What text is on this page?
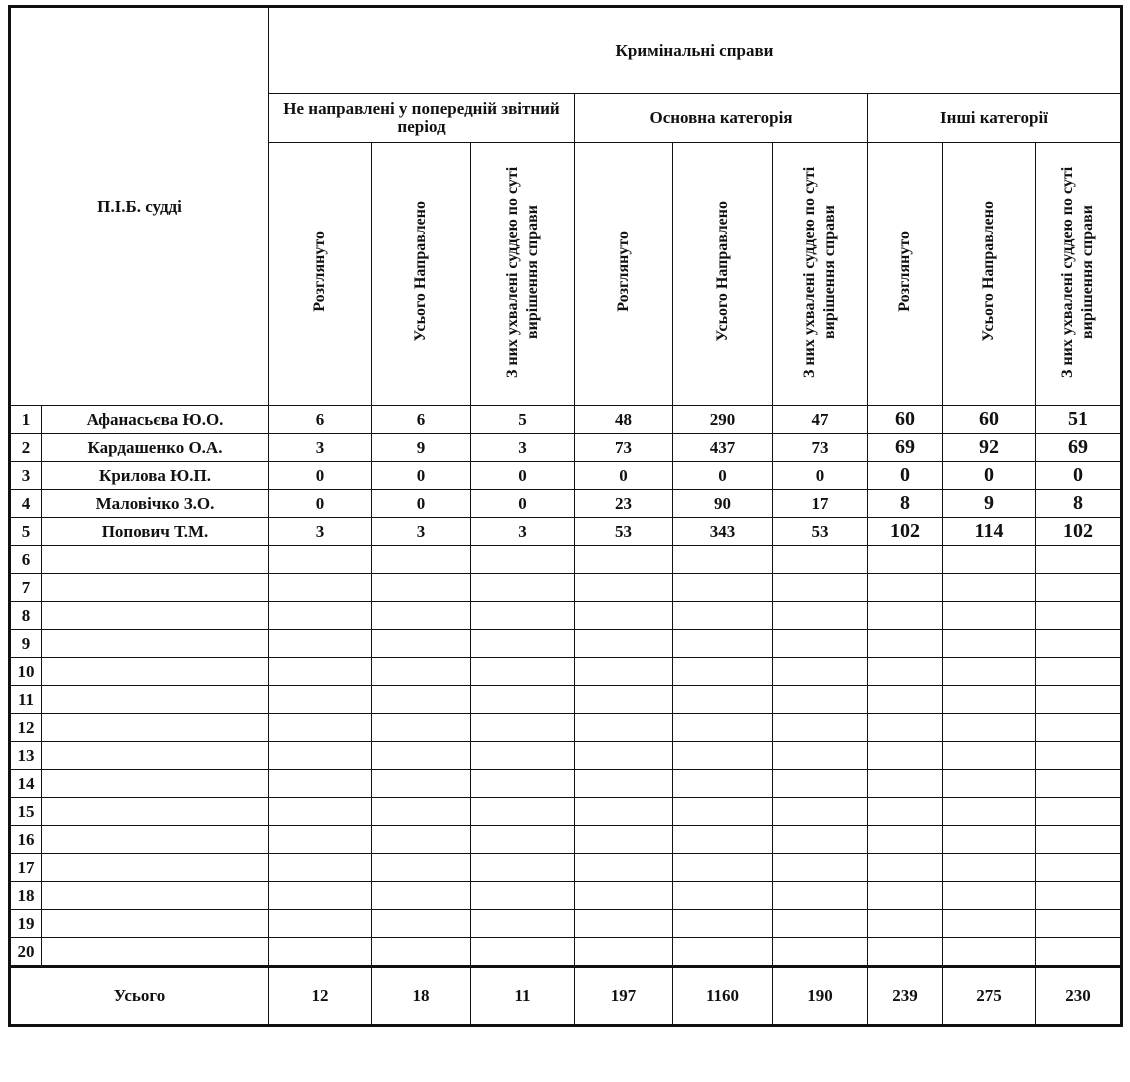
П.І.Б. судді		Кримінальні справи								
		Не направлені у попередній звітний період			Основна категорія			Інші категорії		
		Розглянуто	Усього Направлено	З них ухвалені суддею по суті вирішення справи	Розглянуто	Усього Направлено	З них ухвалені суддею по суті вирішення справи	Розглянуто	Усього Направлено	З них ухвалені суддею по суті вирішення справи
1	Афанасьєва Ю.О.	6	6	5	48	290	47	60	60	51
2	Кардашенко О.А.	3	9	3	73	437	73	69	92	69
3	Крилова Ю.П.	0	0	0	0	0	0	0	0	0
4	Маловічко З.О.	0	0	0	23	90	17	8	9	8
5	Попович Т.М.	3	3	3	53	343	53	102	114	102
6										
7										
8										
9										
10										
11										
12										
13										
14										
15										
16										
17										
18										
19										
20										
Усього		12	18	11	197	1160	190	239	275	230
